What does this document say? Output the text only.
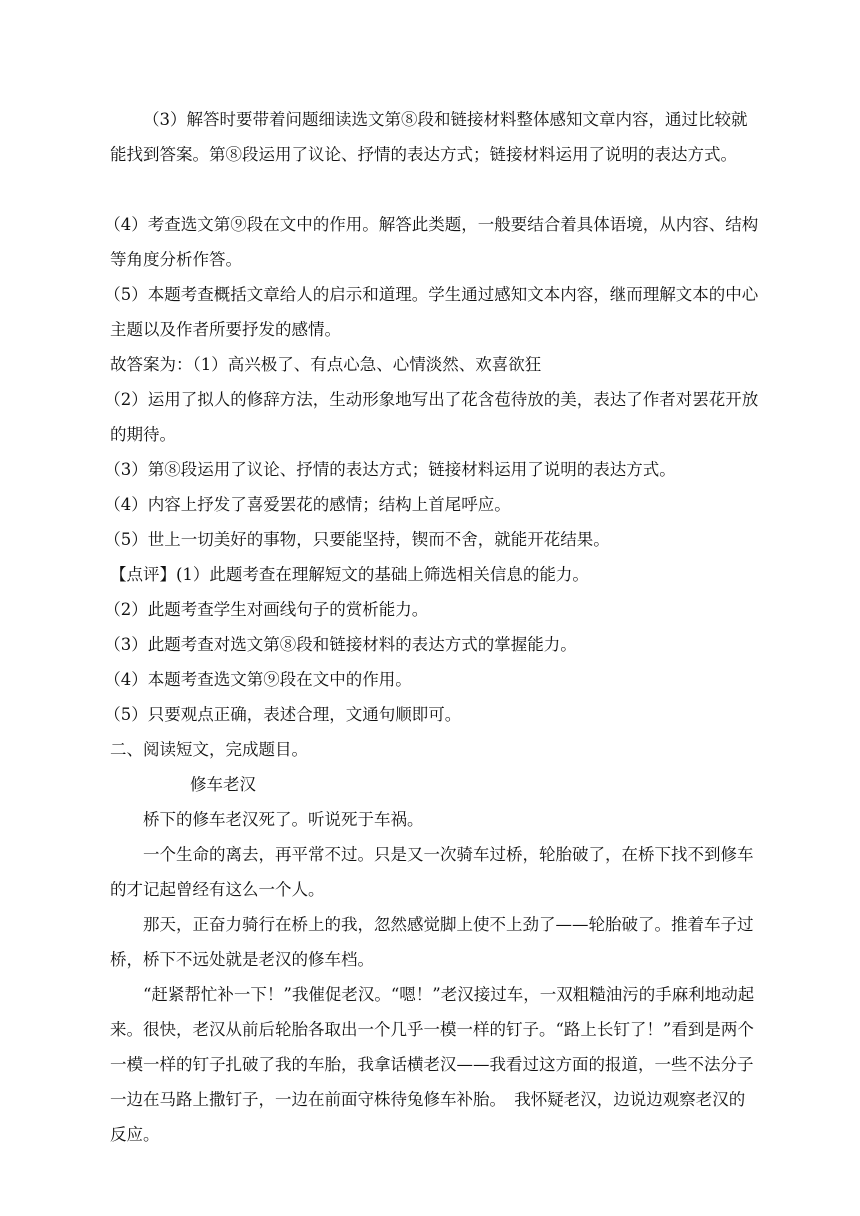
（3）解答时要带着问题细读选文第⑧段和链接材料整体感知文章内容，通过比较就能找到答案。第⑧段运用了议论、抒情的表达方式；链接材料运用了说明的表达方式。

（4）考查选文第⑨段在文中的作用。解答此类题，一般要结合着具体语境，从内容、结构等角度分析作答。

（5）本题考查概括文章给人的启示和道理。学生通过感知文本内容，继而理解文本的中心主题以及作者所要抒发的感情。

故答案为：（1）高兴极了、有点心急、心情淡然、欢喜欲狂

（2）运用了拟人的修辞方法，生动形象地写出了花含苞待放的美，表达了作者对罢花开放的期待。

（3）第⑧段运用了议论、抒情的表达方式；链接材料运用了说明的表达方式。

（4）内容上抒发了喜爱罢花的感情；结构上首尾呼应。

（5）世上一切美好的事物，只要能坚持，锲而不舍，就能开花结果。

【点评】(1）此题考查在理解短文的基础上筛选相关信息的能力。

（2）此题考查学生对画线句子的赏析能力。

（3）此题考查对选文第⑧段和链接材料的表达方式的掌握能力。

（4）本题考查选文第⑨段在文中的作用。

（5）只要观点正确，表述合理，文通句顺即可。

二、阅读短文，完成题目。

修车老汉

桥下的修车老汉死了。听说死于车祸。

一个生命的离去，再平常不过。只是又一次骑车过桥，轮胎破了，在桥下找不到修车的才记起曾经有这么一个人。

那天，正奋力骑行在桥上的我，忽然感觉脚上使不上劲了——轮胎破了。推着车子过桥，桥下不远处就是老汉的修车档。

“赶紧帮忙补一下！”我催促老汉。“嗯！”老汉接过车，一双粗糙油污的手麻利地动起来。很快，老汉从前后轮胎各取出一个几乎一模一样的钉子。“路上长钉了！”看到是两个一模一样的钉子扎破了我的车胎，我拿话横老汉——我看过这方面的报道，一些不法分子一边在马路上撒钉子，一边在前面守株待兔修车补胎。　我怀疑老汉，边说边观察老汉的反应。
